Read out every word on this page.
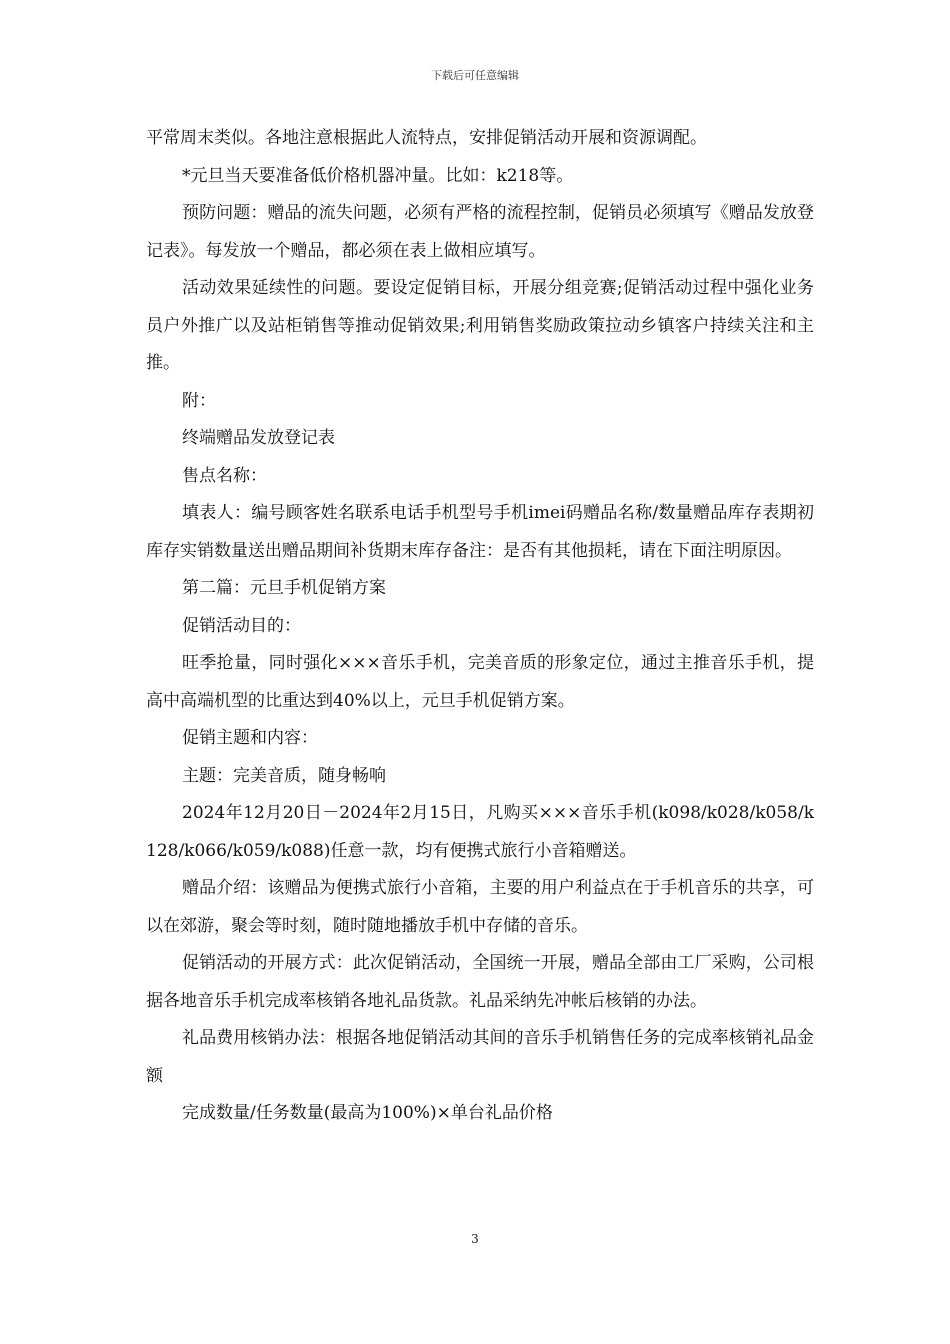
下载后可任意编辑

平常周末类似。各地注意根据此人流特点，安排促销活动开展和资源调配。

*元旦当天要准备低价格机器冲量。比如：k218等。

预防问题：赠品的流失问题，必须有严格的流程控制，促销员必须填写《赠品发放登记表》。每发放一个赠品，都必须在表上做相应填写。

活动效果延续性的问题。要设定促销目标，开展分组竞赛;促销活动过程中强化业务员户外推广以及站柜销售等推动促销效果;利用销售奖励政策拉动乡镇客户持续关注和主推。

附：

终端赠品发放登记表

售点名称：

填表人：编号顾客姓名联系电话手机型号手机imei码赠品名称/数量赠品库存表期初库存实销数量送出赠品期间补货期末库存备注：是否有其他损耗，请在下面注明原因。

第二篇：元旦手机促销方案

促销活动目的：

旺季抢量，同时强化×××音乐手机，完美音质的形象定位，通过主推音乐手机，提高中高端机型的比重达到40%以上，元旦手机促销方案。

促销主题和内容：

主题：完美音质，随身畅响

2024年12月20日－2024年2月15日，凡购买×××音乐手机(k098/k028/k058/k128/k066/k059/k088)任意一款，均有便携式旅行小音箱赠送。

赠品介绍：该赠品为便携式旅行小音箱，主要的用户利益点在于手机音乐的共享，可以在郊游，聚会等时刻，随时随地播放手机中存储的音乐。

促销活动的开展方式：此次促销活动，全国统一开展，赠品全部由工厂采购，公司根据各地音乐手机完成率核销各地礼品货款。礼品采纳先冲帐后核销的办法。

礼品费用核销办法：根据各地促销活动其间的音乐手机销售任务的完成率核销礼品金额

完成数量/任务数量(最高为100%)×单台礼品价格

3
